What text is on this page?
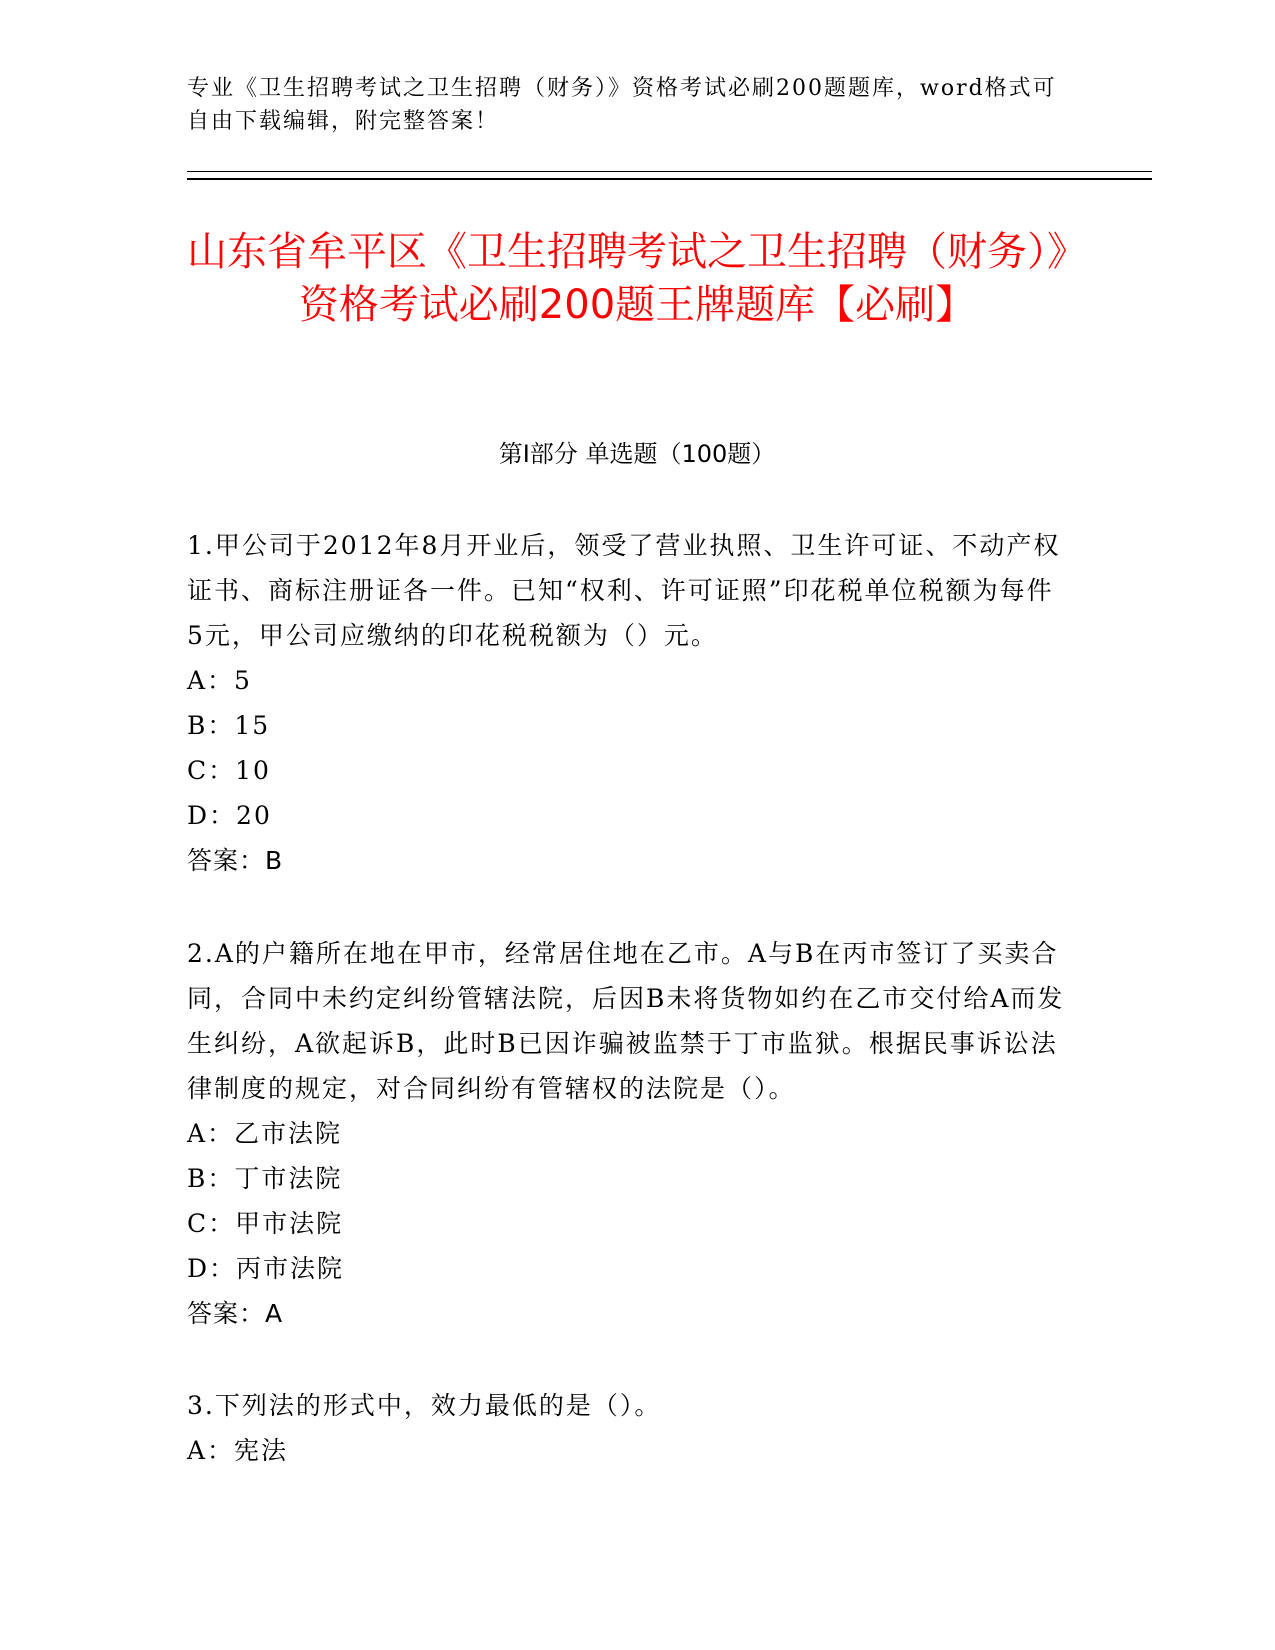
专业《卫生招聘考试之卫生招聘（财务）》资格考试必刷200题题库，word格式可自由下载编辑，附完整答案！
山东省牟平区《卫生招聘考试之卫生招聘（财务）》资格考试必刷200题王牌题库【必刷】
第I部分 单选题（100题）
1.甲公司于2012年8月开业后，领受了营业执照、卫生许可证、不动产权证书、商标注册证各一件。已知“权利、许可证照”印花税单位税额为每件5元，甲公司应缴纳的印花税税额为（）元。
A：5
B：15
C：10
D：20
答案：B
2.A的户籍所在地在甲市，经常居住地在乙市。A与B在丙市签订了买卖合同，合同中未约定纠纷管辖法院，后因B未将货物如约在乙市交付给A而发生纠纷，A欲起诉B，此时B已因诈骗被监禁于丁市监狱。根据民事诉讼法律制度的规定，对合同纠纷有管辖权的法院是（）。
A：乙市法院
B：丁市法院
C：甲市法院
D：丙市法院
答案：A
3.下列法的形式中，效力最低的是（）。
A：宪法
